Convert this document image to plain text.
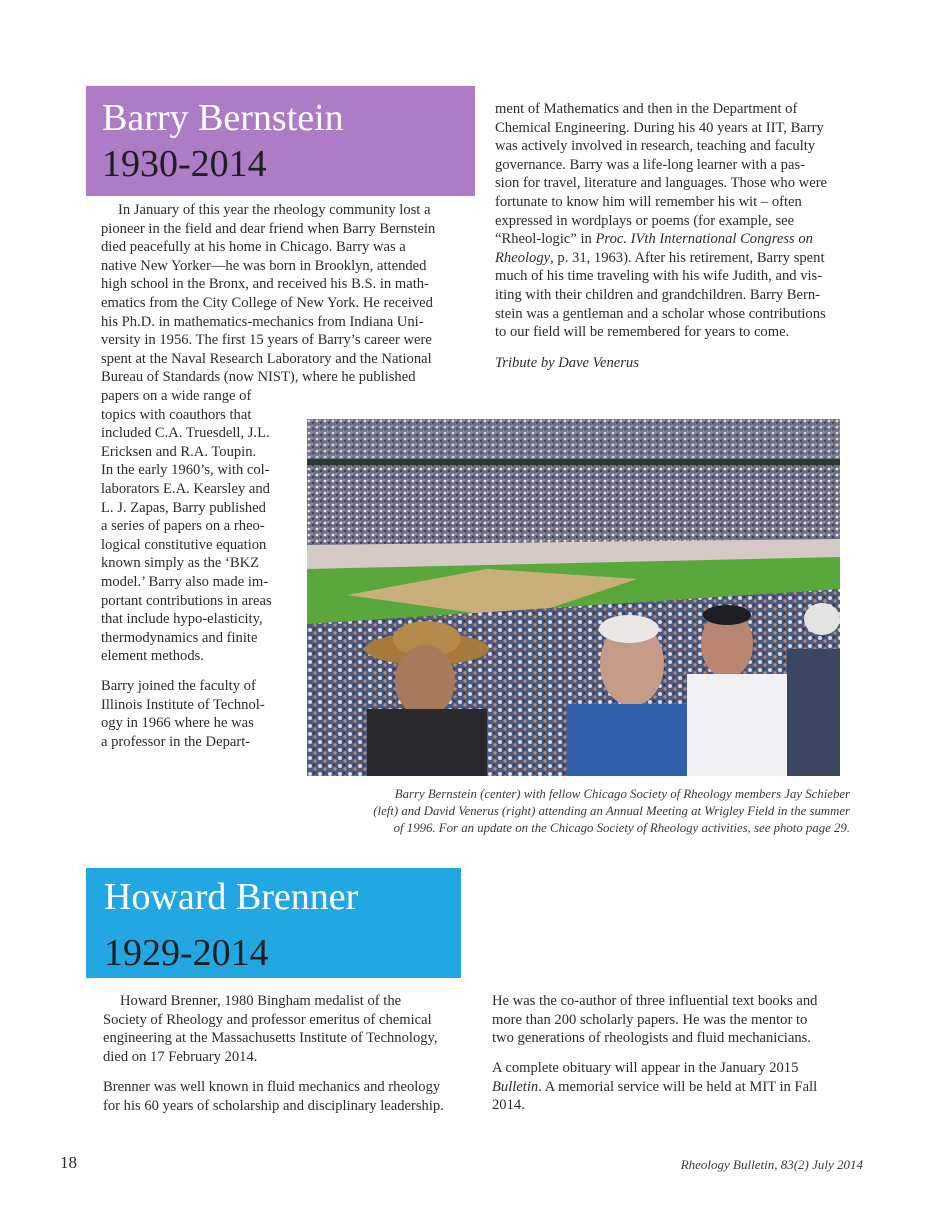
Barry Bernstein
1930-2014
In January of this year the rheology community lost a
pioneer in the field and dear friend when Barry Bernstein
died peacefully at his home in Chicago. Barry was a
native New Yorker—he was born in Brooklyn, attended
high school in the Bronx, and received his B.S. in math-
ematics from the City College of New York. He received
his Ph.D. in mathematics-mechanics from Indiana Uni-
versity in 1956. The first 15 years of Barry’s career were
spent at the Naval Research Laboratory and the National
Bureau of Standards (now NIST), where he published
papers on a wide range of
topics with coauthors that
included C.A. Truesdell, J.L.
Ericksen and R.A. Toupin.
In the early 1960’s, with col-
laborators E.A. Kearsley and
L. J. Zapas, Barry published
a series of papers on a rheo-
logical constitutive equation
known simply as the ‘BKZ
model.’ Barry also made im-
portant contributions in areas
that include hypo-elasticity,
thermodynamics and finite
element methods.
Barry joined the faculty of
Illinois Institute of Technol-
ogy in 1966 where he was
a professor in the Depart-
ment of Mathematics and then in the Department of
Chemical Engineering. During his 40 years at IIT, Barry
was actively involved in research, teaching and faculty
governance. Barry was a life-long learner with a pas-
sion for travel, literature and languages. Those who were
fortunate to know him will remember his wit – often
expressed in wordplays or poems (for example, see
“Rheol-logic” in Proc. IVth International Congress on
Rheology, p. 31, 1963). After his retirement, Barry spent
much of his time traveling with his wife Judith, and vis-
iting with their children and grandchildren. Barry Bern-
stein was a gentleman and a scholar whose contributions
to our field will be remembered for years to come.
Tribute by Dave Venerus
Barry Bernstein (center) with fellow Chicago Society of Rheology members Jay Schieber
(left) and David Venerus (right) attending an Annual Meeting at Wrigley Field in the summer
of 1996. For an update on the Chicago Society of Rheology activities, see photo page 29.
Howard Brenner
1929-2014
Howard Brenner, 1980 Bingham medalist of the
Society of Rheology and professor emeritus of chemical
engineering at the Massachusetts Institute of Technology,
died on 17 February 2014.
Brenner was well known in fluid mechanics and rheology
for his 60 years of scholarship and disciplinary leadership.
He was the co-author of three influential text books and
more than 200 scholarly papers. He was the mentor to
two generations of rheologists and fluid mechanicians.
A complete obituary will appear in the January 2015
Bulletin. A memorial service will be held at MIT in Fall
2014.
18	Rheology Bulletin, 83(2) July 2014
